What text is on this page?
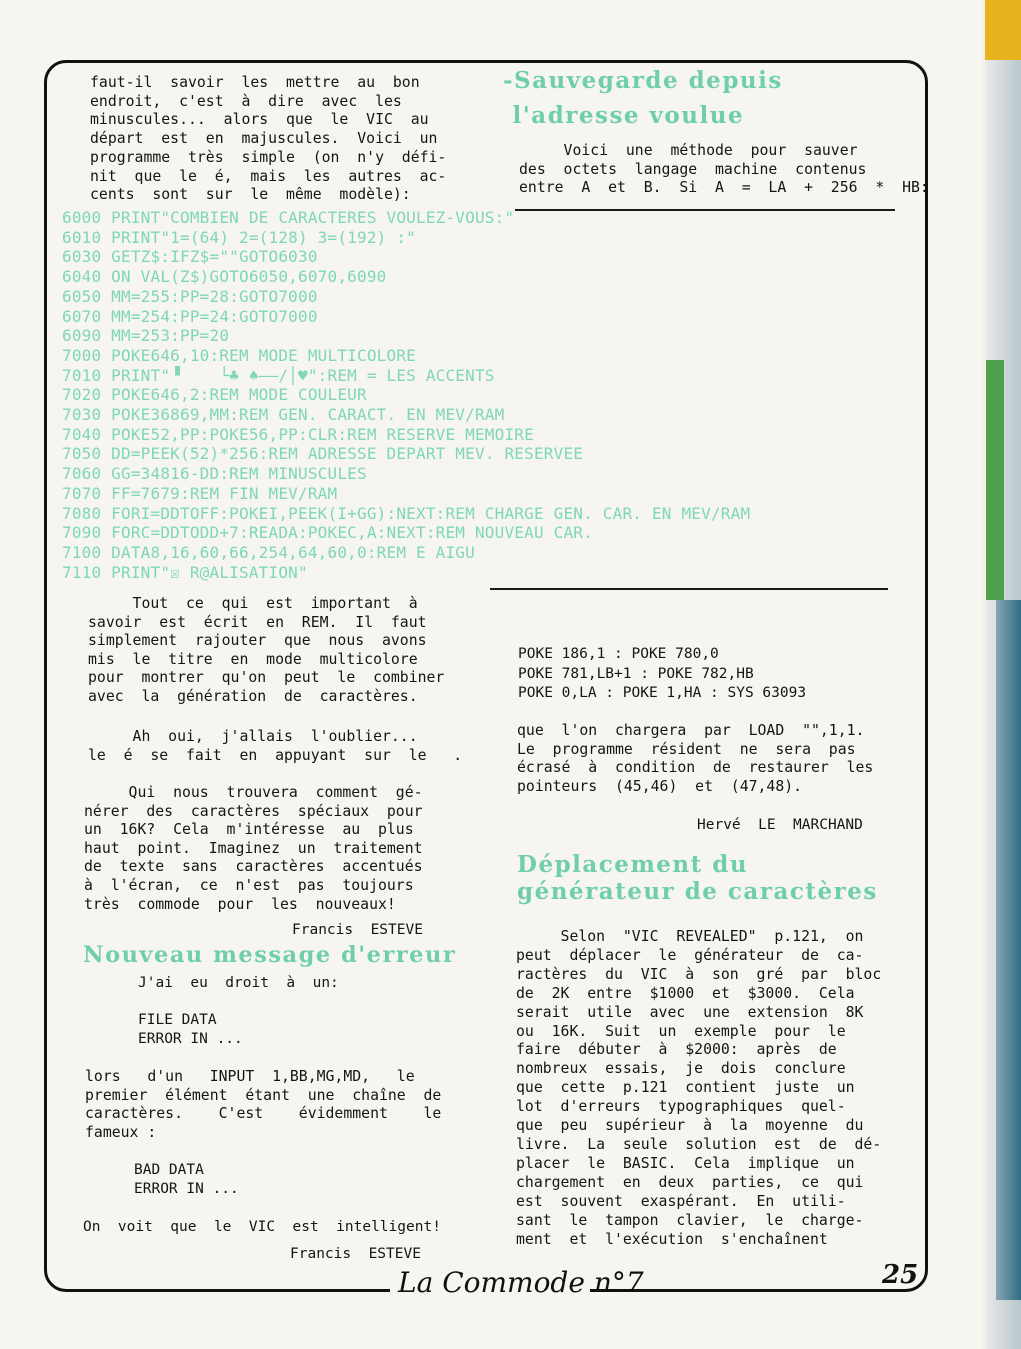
La Commode n°7	25

faut-il  savoir  les  mettre  au  bon
endroit,  c'est  à  dire  avec  les
minuscules...  alors  que  le  VIC  au
départ  est  en  majuscules.  Voici  un
programme  très  simple  (on  n'y  défi-
nit  que  le  é,  mais  les  autres  ac-
cents  sont  sur  le  même  modèle):

-Sauvegarde depuis
l'adresse voulue

Voici  une  méthode  pour  sauver
des  octets  langage  machine  contenus
entre  A  et  B.  Si  A  =  LA  +  256  *  HB:

6000 PRINT"COMBIEN DE CARACTERES VOULEZ-VOUS:"
6010 PRINT"1=(64) 2=(128) 3=(192) :"
6030 GETZ$:IFZ$=""GOTO6030
6040 ON VAL(Z$)GOTO6050,6070,6090
6050 MM=255:PP=28:GOTO7000
6070 MM=254:PP=24:GOTO7000
6090 MM=253:PP=20
7000 POKE646,10:REM MODE MULTICOLORE
7010 PRINT"▝    └♣ ♠——∕│♥":REM = LES ACCENTS
7020 POKE646,2:REM MODE COULEUR
7030 POKE36869,MM:REM GEN. CARACT. EN MEV/RAM
7040 POKE52,PP:POKE56,PP:CLR:REM RESERVE MEMOIRE
7050 DD=PEEK(52)*256:REM ADRESSE DEPART MEV. RESERVEE
7060 GG=34816-DD:REM MINUSCULES
7070 FF=7679:REM FIN MEV/RAM
7080 FORI=DDTOFF:POKEI,PEEK(I+GG):NEXT:REM CHARGE GEN. CAR. EN MEV/RAM
7090 FORC=DDTODD+7:READA:POKEC,A:NEXT:REM NOUVEAU CAR.
7100 DATA8,16,60,66,254,64,60,0:REM E AIGU
7110 PRINT"☒ R@ALISATION"

Tout  ce  qui  est  important  à
savoir  est  écrit  en  REM.  Il  faut
simplement  rajouter  que  nous  avons
mis  le  titre  en  mode  multicolore
pour  montrer  qu'on  peut  le  combiner
avec  la  génération  de  caractères.

Ah  oui,  j'allais  l'oublier...
le  é  se  fait  en  appuyant  sur  le   .

Qui  nous  trouvera  comment  gé-
nérer  des  caractères  spéciaux  pour
un  16K?  Cela  m'intéresse  au  plus
haut  point.  Imaginez  un  traitement
de  texte  sans  caractères  accentués
à  l'écran,  ce  n'est  pas  toujours
très  commode  pour  les  nouveaux!

Francis  ESTEVE
Nouveau message d'erreur

J'ai  eu  droit  à  un:

FILE DATA
ERROR IN ...

lors   d'un   INPUT  1,BB,MG,MD,   le
premier  élément  étant  une  chaîne  de
caractères.    C'est    évidemment    le
fameux :

BAD DATA
ERROR IN ...

On  voit  que  le  VIC  est  intelligent!

Francis  ESTEVE
POKE 186,1 : POKE 780,0
POKE 781,LB+1 : POKE 782,HB
POKE 0,LA : POKE 1,HA : SYS 63093

que  l'on  chargera  par  LOAD  "",1,1.
Le  programme  résident  ne  sera  pas
écrasé  à  condition  de  restaurer  les
pointeurs  (45,46)  et  (47,48).

Hervé  LE  MARCHAND
Déplacement du
générateur de caractères

Selon  "VIC  REVEALED"  p.121,  on
peut  déplacer  le  générateur  de  ca-
ractères  du  VIC  à  son  gré  par  bloc
de  2K  entre  $1000  et  $3000.  Cela
serait  utile  avec  une  extension  8K
ou  16K.  Suit  un  exemple  pour  le
faire  débuter  à  $2000:  après  de
nombreux  essais,  je  dois  conclure
que  cette  p.121  contient  juste  un
lot  d'erreurs  typographiques  quel-
que  peu  supérieur  à  la  moyenne  du
livre.  La  seule  solution  est  de  dé-
placer  le  BASIC.  Cela  implique  un
chargement  en  deux  parties,  ce  qui
est  souvent  exaspérant.  En  utili-
sant  le  tampon  clavier,  le  charge-
ment  et  l'exécution  s'enchaînent
